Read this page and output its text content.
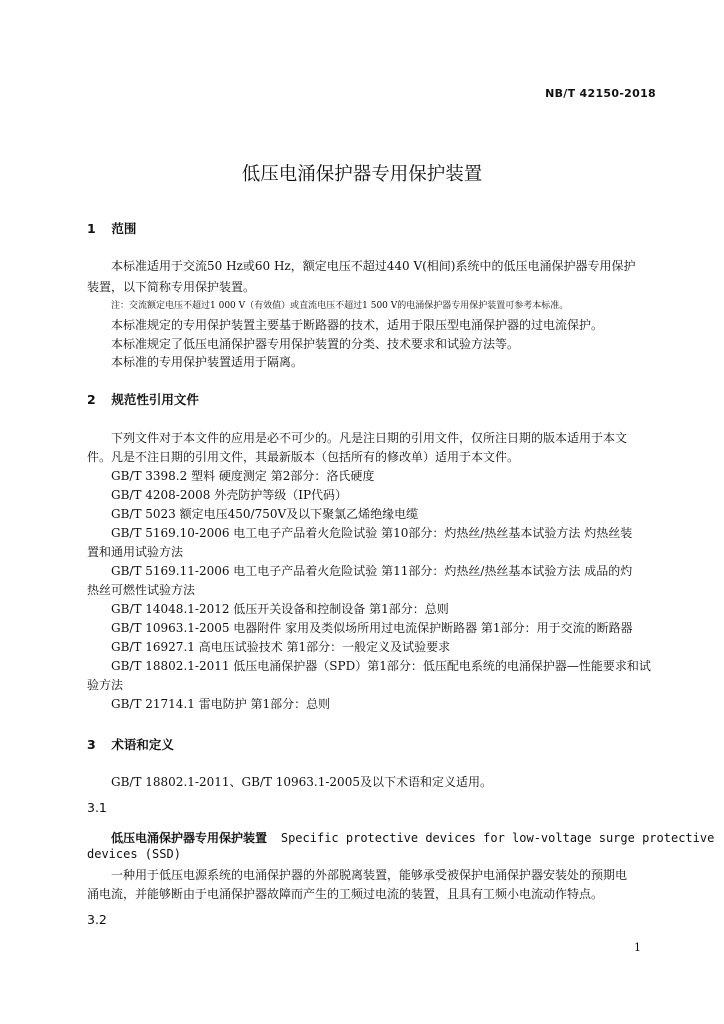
NB/T 42150-2018
低压电涌保护器专用保护装置
1 范围
本标准适用于交流50 Hz或60 Hz，额定电压不超过440 V(相间)系统中的低压电涌保护器专用保护
装置，以下简称专用保护装置。
注：交流额定电压不超过1 000 V（有效值）或直流电压不超过1 500 V的电涌保护器专用保护装置可参考本标准。
本标准规定的专用保护装置主要基于断路器的技术，适用于限压型电涌保护器的过电流保护。
本标准规定了低压电涌保护器专用保护装置的分类、技术要求和试验方法等。
本标准的专用保护装置适用于隔离。
2 规范性引用文件
下列文件对于本文件的应用是必不可少的。凡是注日期的引用文件，仅所注日期的版本适用于本文
件。凡是不注日期的引用文件，其最新版本（包括所有的修改单）适用于本文件。
GB/T 3398.2 塑料 硬度测定 第2部分：洛氏硬度
GB/T 4208-2008 外壳防护等级（IP代码）
GB/T 5023 额定电压450/750V及以下聚氯乙烯绝缘电缆
GB/T 5169.10-2006 电工电子产品着火危险试验 第10部分：灼热丝/热丝基本试验方法 灼热丝装
置和通用试验方法
GB/T 5169.11-2006 电工电子产品着火危险试验 第11部分：灼热丝/热丝基本试验方法 成品的灼
热丝可燃性试验方法
GB/T 14048.1-2012 低压开关设备和控制设备 第1部分：总则
GB/T 10963.1-2005 电器附件 家用及类似场所用过电流保护断路器 第1部分：用于交流的断路器
GB/T 16927.1 高电压试验技术 第1部分：一般定义及试验要求
GB/T 18802.1-2011 低压电涌保护器（SPD）第1部分：低压配电系统的电涌保护器—性能要求和试
验方法
GB/T 21714.1 雷电防护 第1部分：总则
3 术语和定义
GB/T 18802.1-2011、GB/T 10963.1-2005及以下术语和定义适用。
3.1
低压电涌保护器专用保护装置 Specific protective devices for low-voltage surge protective
devices (SSD)
一种用于低压电源系统的电涌保护器的外部脱离装置，能够承受被保护电涌保护器安装处的预期电
涌电流，并能够断由于电涌保护器故障而产生的工频过电流的装置，且具有工频小电流动作特点。
3.2
1
